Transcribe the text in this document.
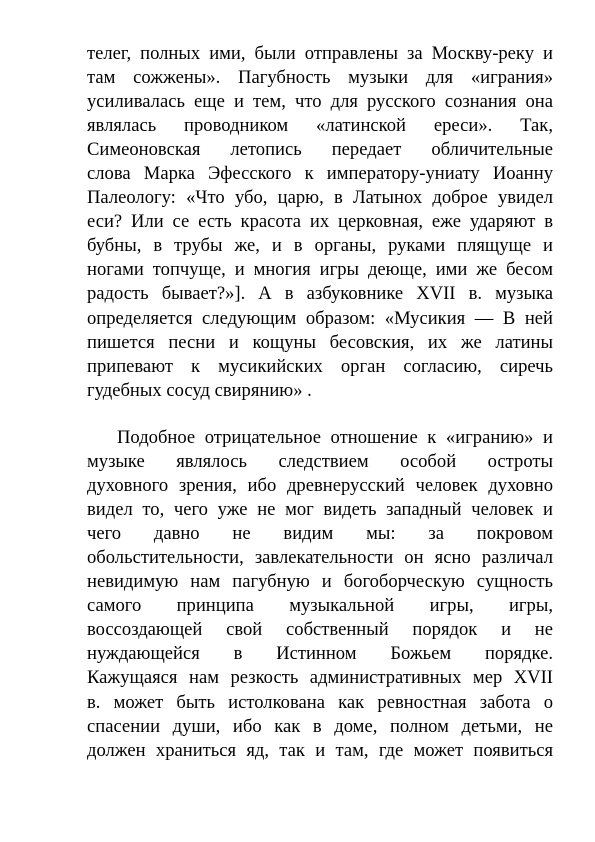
телег, полных ими, были отправлены за Москву-реку и
там сожжены». Пагубность музыки для «играния»
усиливалась еще и тем, что для русского сознания она
являлась проводником «латинской ереси». Так,
Симеоновская летопись передает обличительные
слова Марка Эфесского к императору-униату Иоанну
Палеологу: «Что убо, царю, в Латынох доброе увидел
еси? Или се есть красота их церковная, еже ударяют в
бубны, в трубы же, и в органы, руками плящуще и
ногами топчуще, и многия игры деюще, ими же бесом
радость бывает?»]. А в азбуковнике XVII в. музыка
определяется следующим образом: «Мусикия — В ней
пишется песни и кощуны бесовския, их же латины
припевают к мусикийских орган согласию, сиречь
гудебных сосуд свирянию» .
Подобное отрицательное отношение к «игранию» и
музыке являлось следствием особой остроты
духовного зрения, ибо древнерусский человек духовно
видел то, чего уже не мог видеть западный человек и
чего давно не видим мы: за покровом
обольстительности, завлекательности он ясно различал
невидимую нам пагубную и богоборческую сущность
самого принципа музыкальной игры, игры,
воссоздающей свой собственный порядок и не
нуждающейся в Истинном Божьем порядке.
Кажущаяся нам резкость административных мер XVII
в. может быть истолкована как ревностная забота о
спасении души, ибо как в доме, полном детьми, не
должен храниться яд, так и там, где может появиться
